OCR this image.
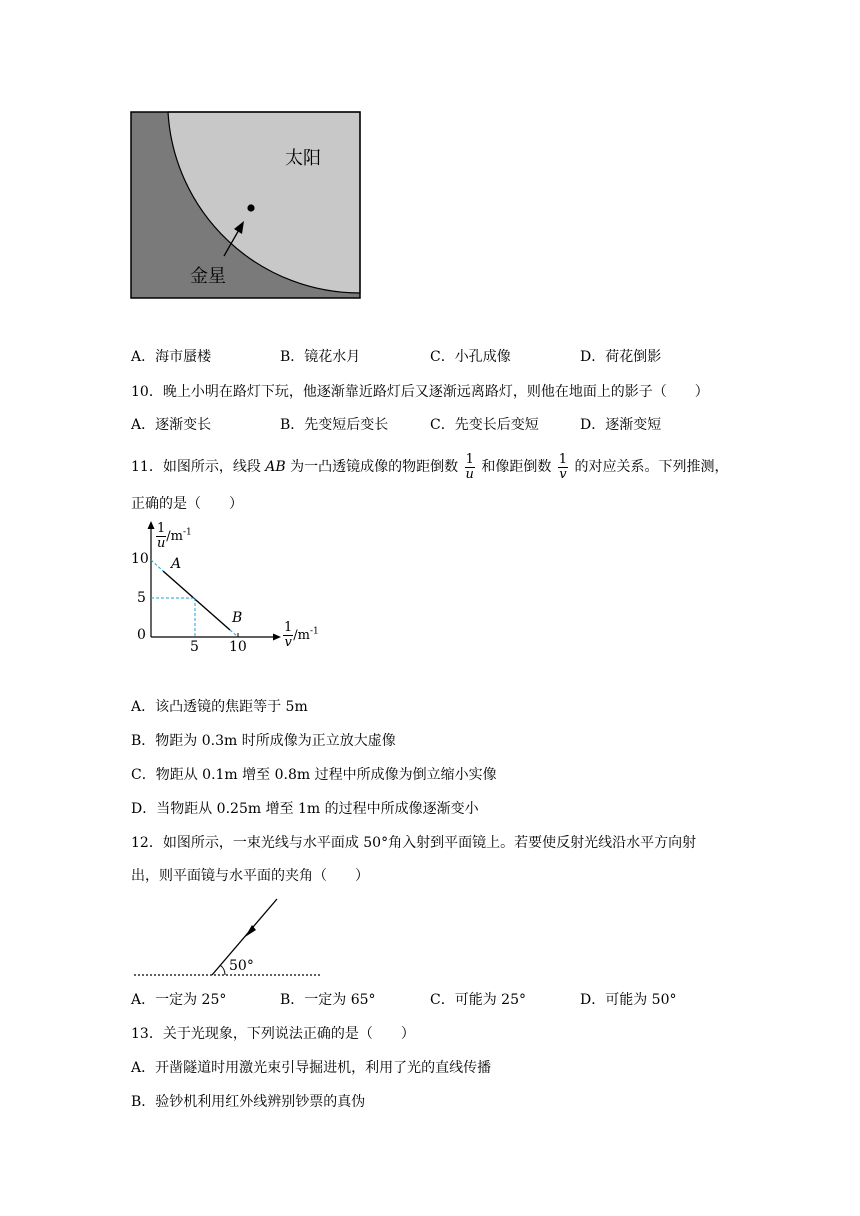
太阳
金星
A．海市蜃楼	B．镜花水月	C．小孔成像	D．荷花倒影
10．晚上小明在路灯下玩，他逐渐靠近路灯后又逐渐远离路灯，则他在地面上的影子（　　）
A．逐渐变长	B．先变短后变长	C．先变长后变短	D．逐渐变短
11．如图所示，线段 AB 为一凸透镜成像的物距倒数 $\frac{1}{u}$ 和像距倒数 $\frac{1}{v}$ 的对应关系。下列推测，
正确的是（　　）
$\frac{1}{u} /m^{-1}$
A
B
10
5
0
5 10	$\frac{1}{v} /m^{-1}$
A．该凸透镜的焦距等于 5m
B．物距为 0.3m 时所成像为正立放大虚像
C．物距从 0.1m 增至 0.8m 过程中所成像为倒立缩小实像
D．当物距从 0.25m 增至 1m 的过程中所成像逐渐变小
12．如图所示，一束光线与水平面成 50°角入射到平面镜上。若要使反射光线沿水平方向射
出，则平面镜与水平面的夹角（　　）
50°
A．一定为 25°	B．一定为 65°	C．可能为 25°	D．可能为 50°
13．关于光现象，下列说法正确的是（　　）
A．开凿隧道时用激光束引导掘进机，利用了光的直线传播
B．验钞机利用红外线辨别钞票的真伪
